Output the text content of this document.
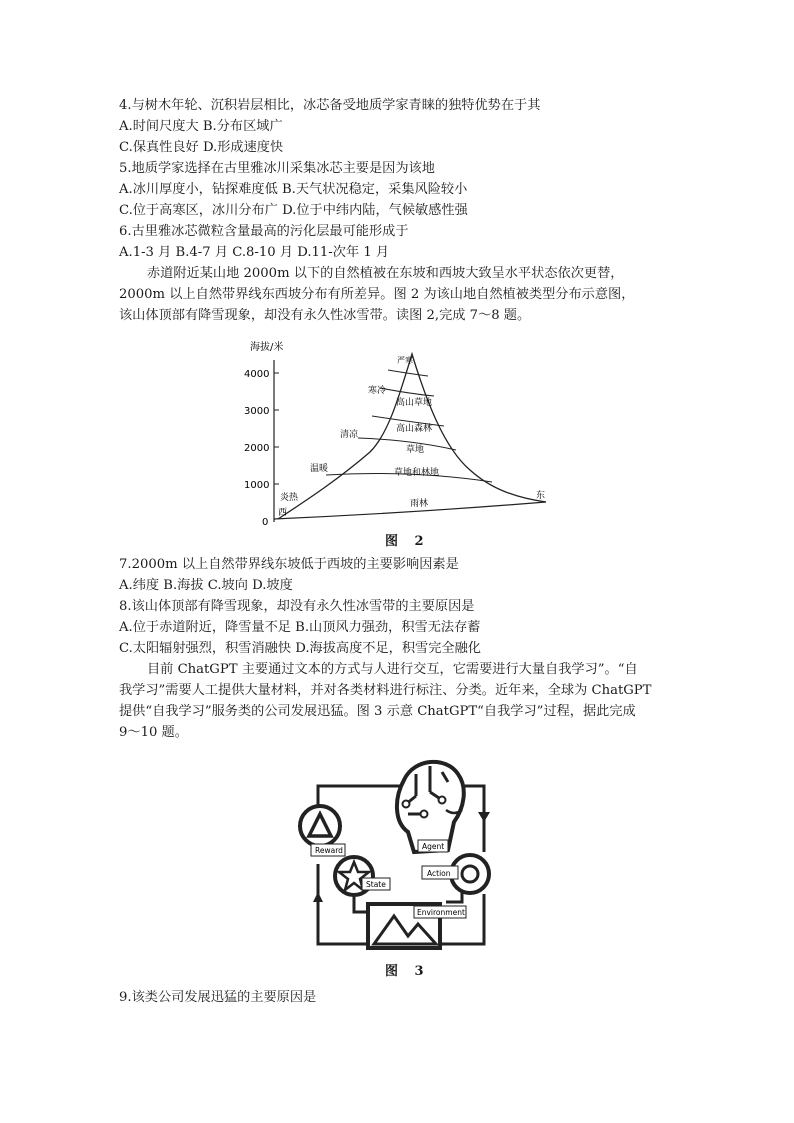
4.与树木年轮、沉积岩层相比，冰芯备受地质学家青睐的独特优势在于其
A.时间尺度大 B.分布区域广
C.保真性良好 D.形成速度快
5.地质学家选择在古里雅冰川采集冰芯主要是因为该地
A.冰川厚度小，钻探难度低 B.天气状况稳定，采集风险较小
C.位于高寒区，冰川分布广 D.位于中纬内陆，气候敏感性强
6.古里雅冰芯微粒含量最高的污化层最可能形成于
A.1-3 月 B.4-7 月 C.8-10 月 D.11-次年 1 月
赤道附近某山地 2000m 以下的自然植被在东坡和西坡大致呈水平状态依次更替，
2000m 以上自然带界线东西坡分布有所差异。图 2 为该山地自然植被类型分布示意图，
该山体顶部有降雪现象，却没有永久性冰雪带。读图 2,完成 7～8 题。
海拔/米
4000
3000
2000
1000
0
严寒
高山草地
高山森林
草地
草地和林地
雨林
寒冷
清凉
温暖
炎热
西
东
图 2
7.2000m 以上自然带界线东坡低于西坡的主要影响因素是
A.纬度 B.海拔 C.坡向 D.坡度
8.该山体顶部有降雪现象，却没有永久性冰雪带的主要原因是
A.位于赤道附近，降雪量不足 B.山顶风力强劲，积雪无法存蓄
C.太阳辐射强烈，积雪消融快 D.海拔高度不足，积雪完全融化
目前 ChatGPT 主要通过文本的方式与人进行交互，它需要进行大量自我学习”。“自
我学习”需要人工提供大量材料，并对各类材料进行标注、分类。近年来，全球为 ChatGPT
提供“自我学习”服务类的公司发展迅猛。图 3 示意 ChatGPT“自我学习”过程，据此完成
9～10 题。
Reward	Agent
State
Action
Environment
图 3
9.该类公司发展迅猛的主要原因是
